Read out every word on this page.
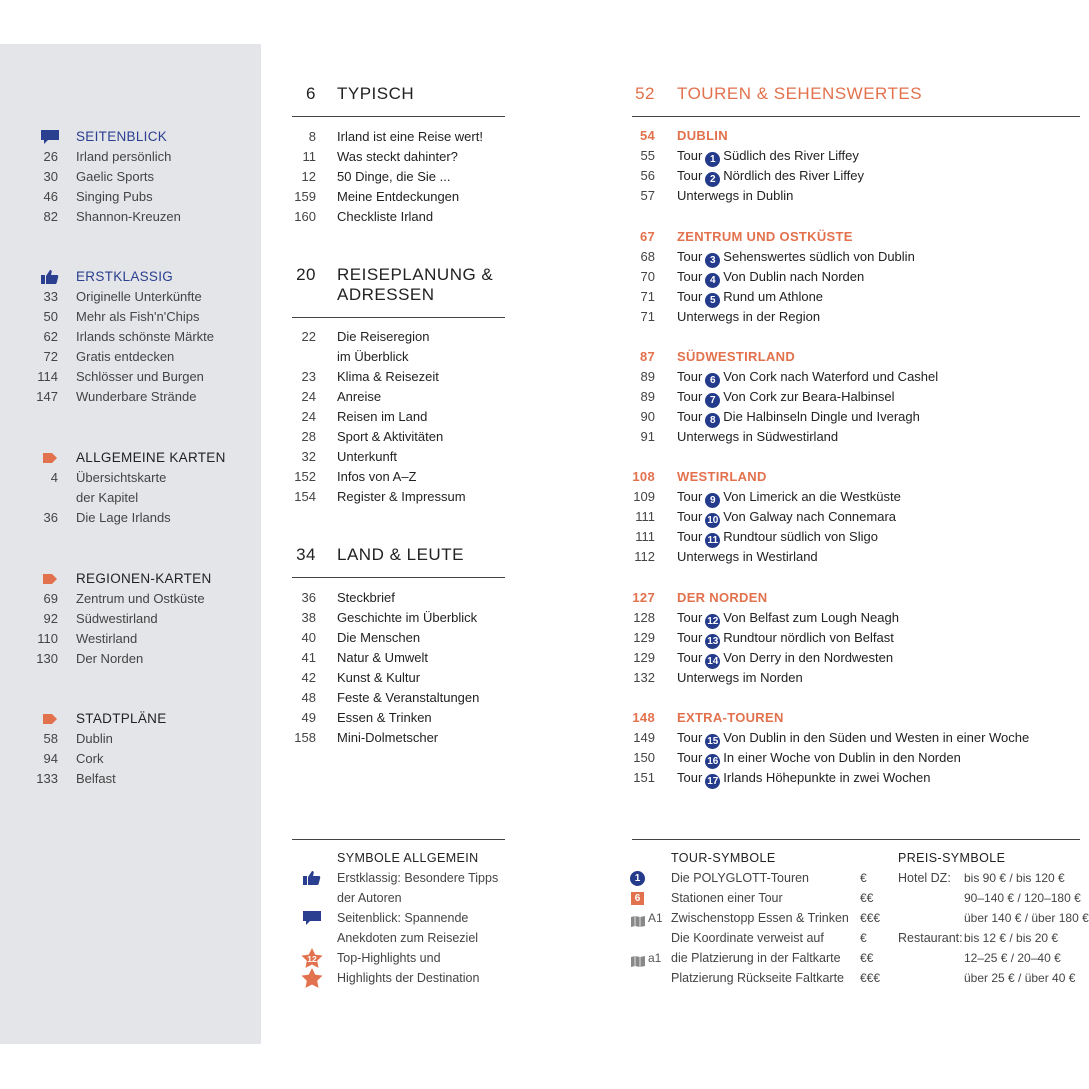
SEITENBLICK
26 Irland persönlich
30 Gaelic Sports
46 Singing Pubs
82 Shannon-Kreuzen
ERSTKLASSIG
33 Originelle Unterkünfte
50 Mehr als Fish'n'Chips
62 Irlands schönste Märkte
72 Gratis entdecken
114 Schlösser und Burgen
147 Wunderbare Strände
ALLGEMEINE KARTEN
4 Übersichtskarte
der Kapitel
36 Die Lage Irlands
REGIONEN-KARTEN
69 Zentrum und Ostküste
92 Südwestirland
110 Westirland
130 Der Norden
STADTPLÄNE
58 Dublin
94 Cork
133 Belfast
6 TYPISCH
8 Irland ist eine Reise wert!
11 Was steckt dahinter?
12 50 Dinge, die Sie ...
159 Meine Entdeckungen
160 Checkliste Irland
20 REISEPLANUNG &
ADRESSEN
22 Die Reiseregion
im Überblick
23 Klima & Reisezeit
24 Anreise
24 Reisen im Land
28 Sport & Aktivitäten
32 Unterkunft
152 Infos von A–Z
154 Register & Impressum
34 LAND & LEUTE
36 Steckbrief
38 Geschichte im Überblick
40 Die Menschen
41 Natur & Umwelt
42 Kunst & Kultur
48 Feste & Veranstaltungen
49 Essen & Trinken
158 Mini-Dolmetscher
52 TOUREN & SEHENSWERTES
54 DUBLIN
55 Tour 1 Südlich des River Liffey
56 Tour 2 Nördlich des River Liffey
57 Unterwegs in Dublin
67 ZENTRUM UND OSTKÜSTE
68 Tour 3 Sehenswertes südlich von Dublin
70 Tour 4 Von Dublin nach Norden
71 Tour 5 Rund um Athlone
71 Unterwegs in der Region
87 SÜDWESTIRLAND
89 Tour 6 Von Cork nach Waterford und Cashel
89 Tour 7 Von Cork zur Beara-Halbinsel
90 Tour 8 Die Halbinseln Dingle und Iveragh
91 Unterwegs in Südwestirland
108 WESTIRLAND
109 Tour 9 Von Limerick an die Westküste
111 Tour 10 Von Galway nach Connemara
111 Tour 11 Rundtour südlich von Sligo
112 Unterwegs in Westirland
127 DER NORDEN
128 Tour 12 Von Belfast zum Lough Neagh
129 Tour 13 Rundtour nördlich von Belfast
129 Tour 14 Von Derry in den Nordwesten
132 Unterwegs im Norden
148 EXTRA-TOUREN
149 Tour 15 Von Dublin in den Süden und Westen in einer Woche
150 Tour 16 In einer Woche von Dublin in den Norden
151 Tour 17 Irlands Höhepunkte in zwei Wochen
SYMBOLE ALLGEMEIN
Erstklassig: Besondere Tipps
der Autoren
Seitenblick: Spannende
Anekdoten zum Reiseziel
Top-Highlights und
Highlights der Destination
12
TOUR-SYMBOLE
1	Die POLYGLOTT-Touren
6 Stationen einer Tour
A1 Zwischenstopp Essen & Trinken
Die Koordinate verweist auf
a1 die Platzierung in der Faltkarte
Platzierung Rückseite Faltkarte
PREIS-SYMBOLE
€	Hotel DZ: bis 90 € / bis 120 €
€€	90–140 € / 120–180 €
€€€	über 140 € / über 180 €
€	Restaurant: bis 12 € / bis 20 €
€€	12–25 € / 20–40 €
€€€	über 25 € / über 40 €
